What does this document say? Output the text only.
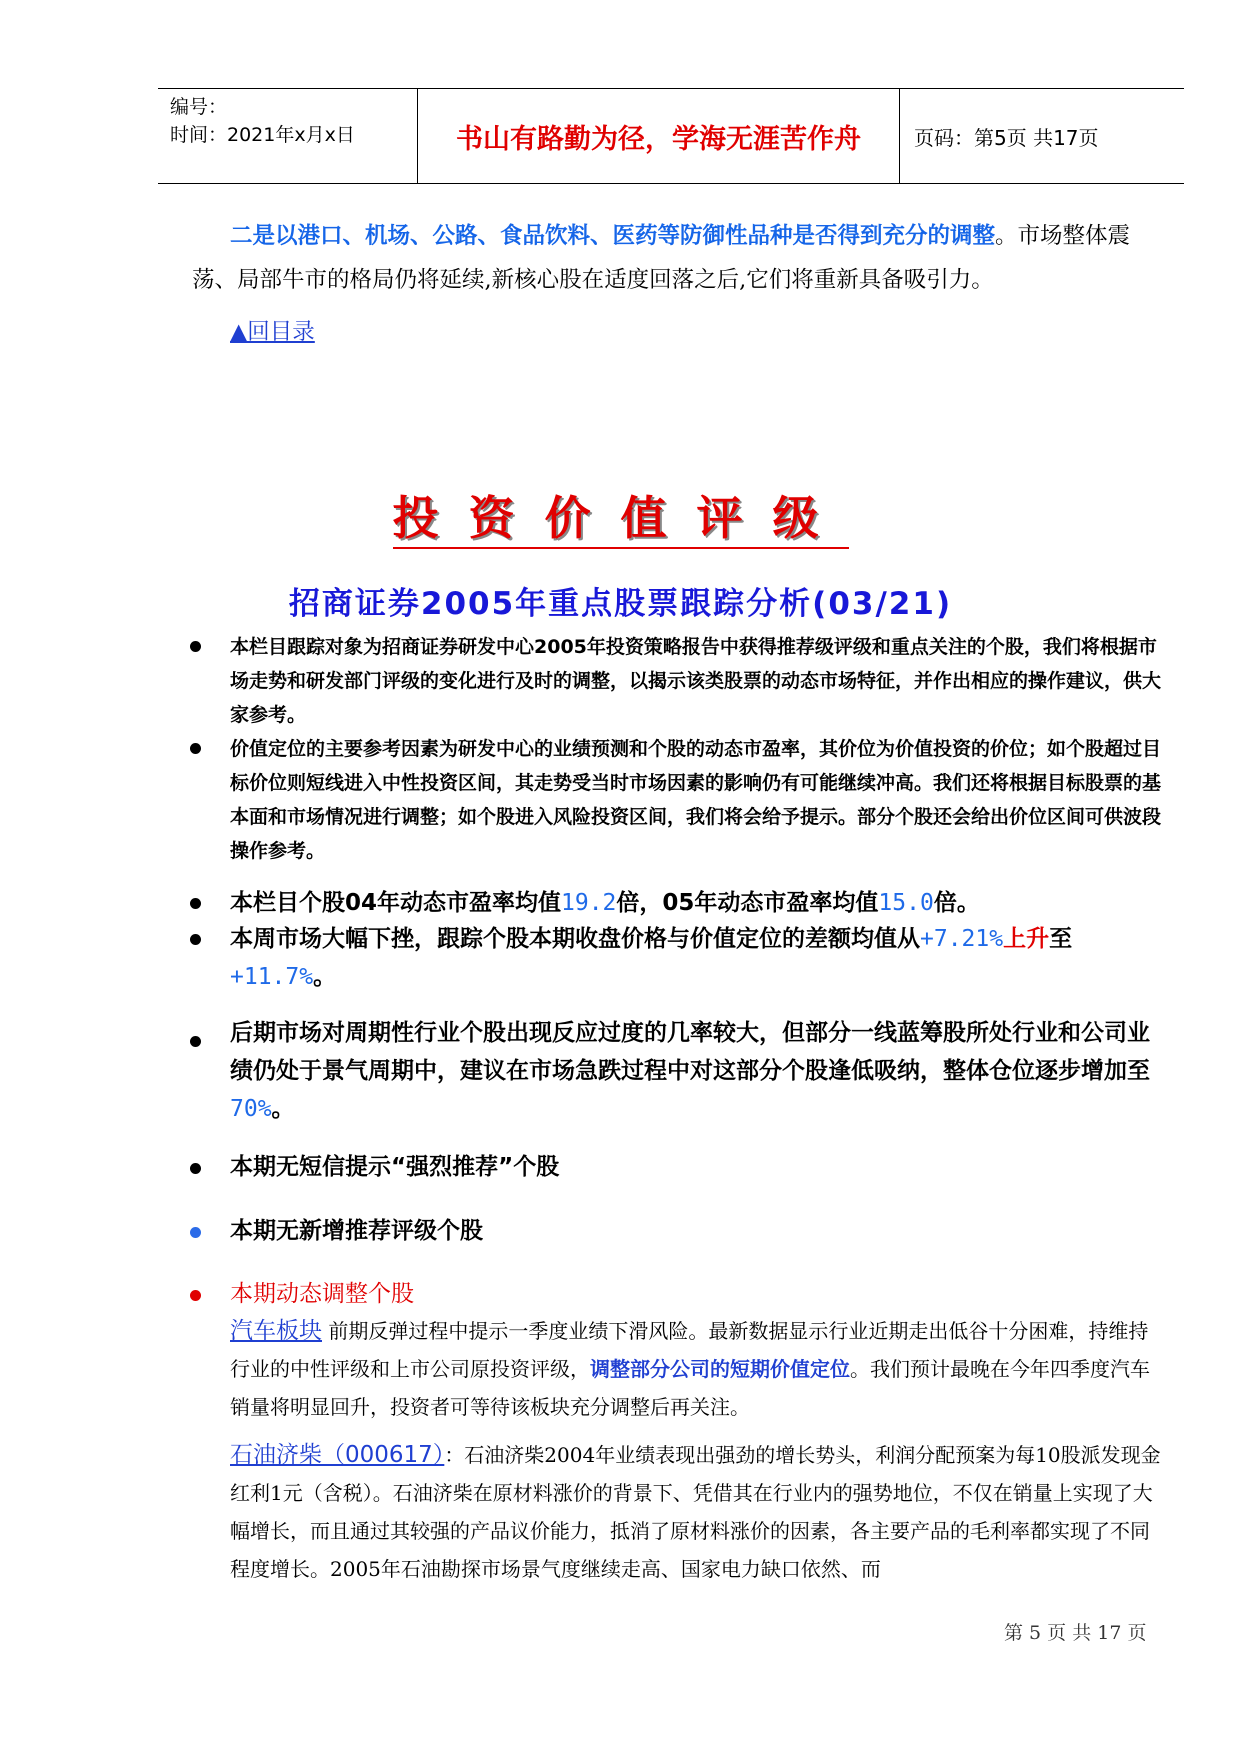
编号：
时间：2021年x月x日	书山有路勤为径，学海无涯苦作舟	页码：第5页 共17页
二是以港口、机场、公路、食品饮料、医药等防御性品种是否得到充分的调整。市场整体震荡、局部牛市的格局仍将延续,新核心股在适度回落之后,它们将重新具备吸引力。
▲回目录
投资价值评级
招商证券2005年重点股票跟踪分析(03/21)
本栏目跟踪对象为招商证券研发中心2005年投资策略报告中获得推荐级评级和重点关注的个股，我们将根据市场走势和研发部门评级的变化进行及时的调整，以揭示该类股票的动态市场特征，并作出相应的操作建议，供大家参考。
价值定位的主要参考因素为研发中心的业绩预测和个股的动态市盈率，其价位为价值投资的价位；如个股超过目标价位则短线进入中性投资区间，其走势受当时市场因素的影响仍有可能继续冲高。我们还将根据目标股票的基本面和市场情况进行调整；如个股进入风险投资区间，我们将会给予提示。部分个股还会给出价位区间可供波段操作参考。
本栏目个股04年动态市盈率均值19.2倍，05年动态市盈率均值15.0倍。
本周市场大幅下挫，跟踪个股本期收盘价格与价值定位的差额均值从+7.21%上升至+11.7%。
后期市场对周期性行业个股出现反应过度的几率较大，但部分一线蓝筹股所处行业和公司业绩仍处于景气周期中，建议在市场急跌过程中对这部分个股逢低吸纳，整体仓位逐步增加至70%。
本期无短信提示“强烈推荐”个股
本期无新增推荐评级个股
本期动态调整个股
汽车板块 前期反弹过程中提示一季度业绩下滑风险。最新数据显示行业近期走出低谷十分困难，持维持行业的中性评级和上市公司原投资评级，调整部分公司的短期价值定位。我们预计最晚在今年四季度汽车销量将明显回升，投资者可等待该板块充分调整后再关注。
石油济柴（000617）：石油济柴2004年业绩表现出强劲的增长势头，利润分配预案为每10股派发现金红利1元（含税）。石油济柴在原材料涨价的背景下、凭借其在行业内的强势地位，不仅在销量上实现了大幅增长，而且通过其较强的产品议价能力，抵消了原材料涨价的因素，各主要产品的毛利率都实现了不同程度增长。2005年石油勘探市场景气度继续走高、国家电力缺口依然、而
第 5 页 共 17 页
